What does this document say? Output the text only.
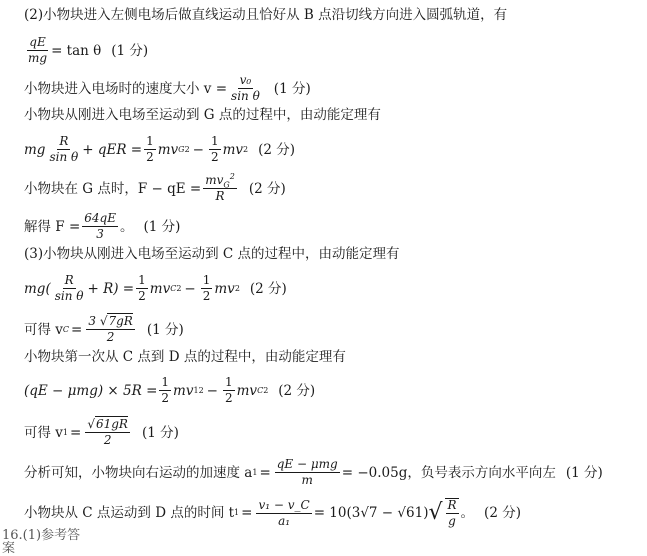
(2)小物块进入左侧电场后做直线运动且恰好从 B 点沿切线方向进入圆弧轨道，有
$\frac{qE}{mg} = \tan \theta$ (1 分)
小物块进入电场时的速度大小 $v = \frac{\text{v₀}}{\text{sin θ}} (1$ 分)
小物块从刚进入电场至运动到 G 点的过程中，由动能定理有
mg $\frac{R}{\text{sin θ}}$ + qER = $\frac{1}{2}$ mv G $2 - \frac{1}{2}$ mv 2 (2 分)
小物块在 G 点时，F − qE = $\frac{mv_G^2}{R} (2$ 分)
解得 $F = \frac{64qE}{3}$ 。 (1 分)
(3)小物块从刚进入电场至运动到 C 点的过程中，由动能定理有
$mg( \frac{R}{\text{sin θ}} + R) = \frac{1}{2}$ mv C $2 - \frac{1}{2}$ mv 2 (2 分)
可得 v $C = \frac{3 √7gR}{2} (1$ 分)
小物块第一次从 C 点到 D 点的过程中，由动能定理有
$(qE - \mu mg) \times 5R = \frac{1}{2}$ mv 1 $2 - \frac{1}{2}$ mv C 2 (2 分)
可得 v $1 = \frac{√61gR}{2} (1$ 分)
分析可知，小物块向右运动的加速度 a $1 = \frac{\text{qE − μmg}}{m} = -0.05g$，负号表示方向水平向左 (1 分)
小物块从 C 点运动到 D 点的时间 t $1 = \frac{\text{v₁ − v\_C}}{\text{a₁}} = 10(3√7 - √61)$ √ $\frac{R}{g}$ 。 (2 分)
16.(1)参考答案
